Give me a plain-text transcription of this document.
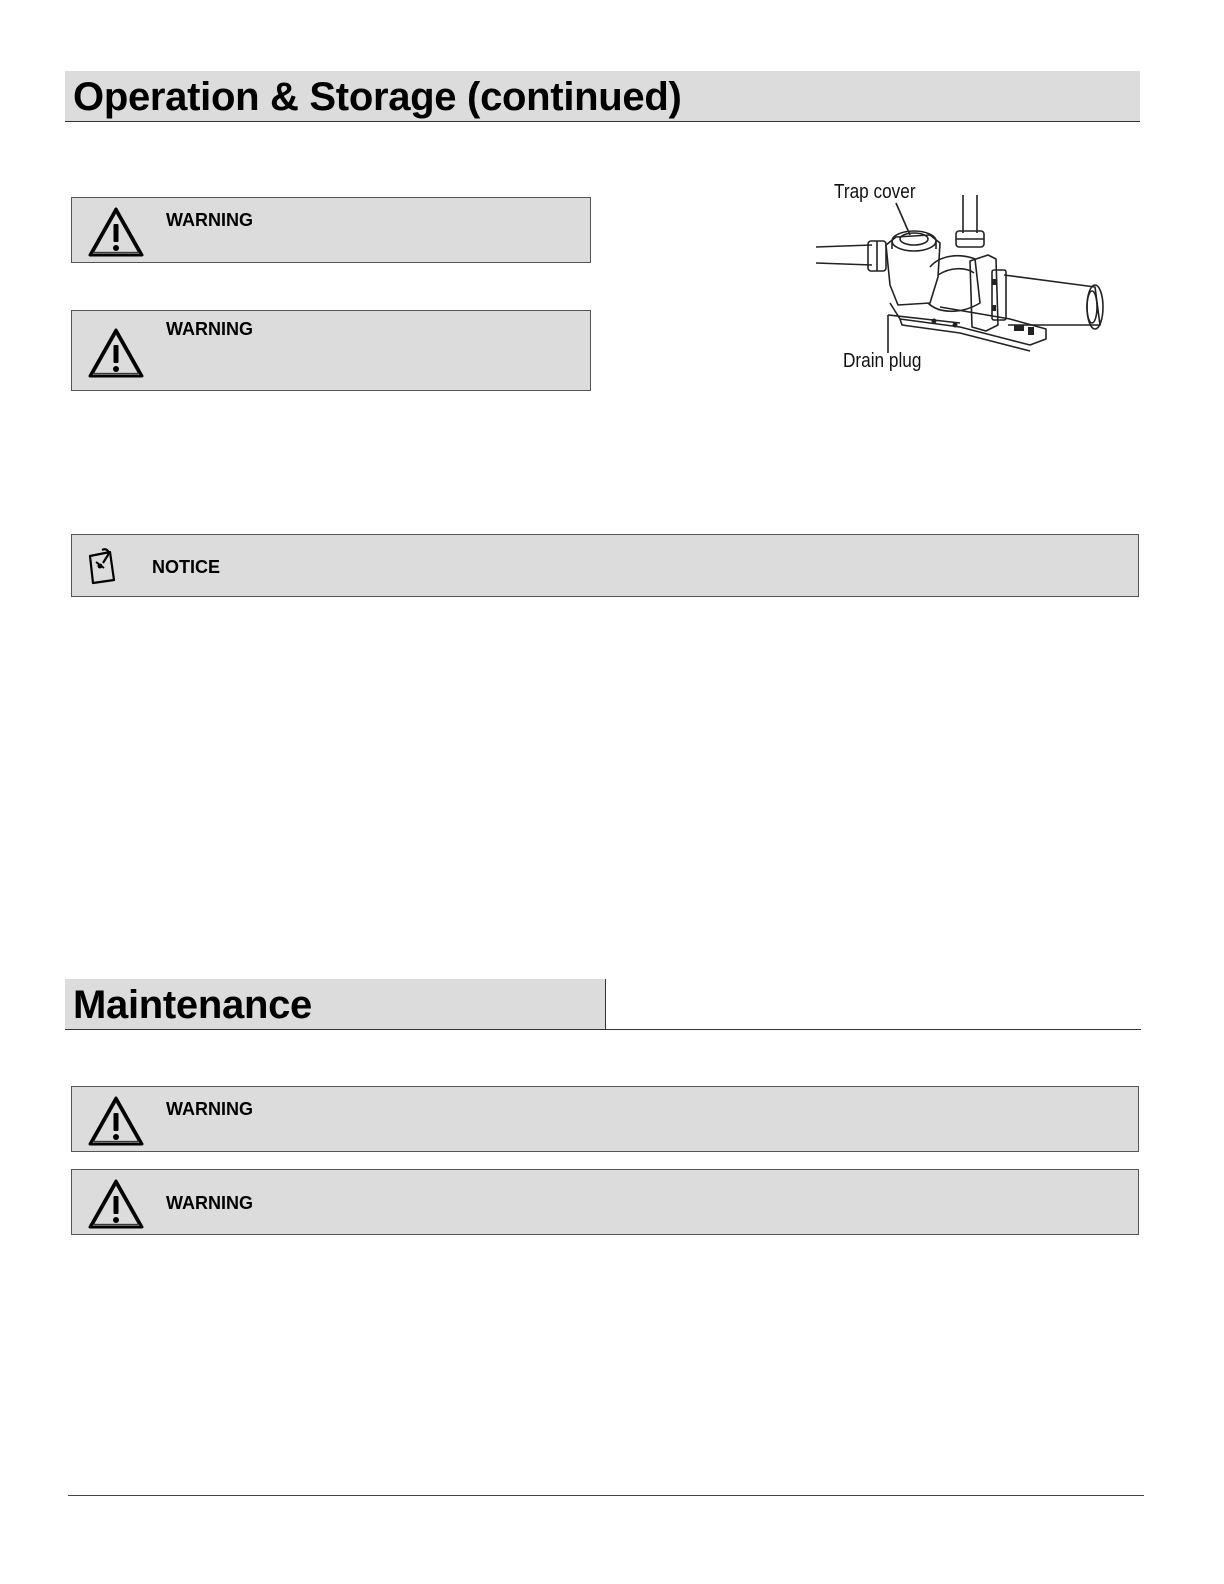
Operation & Storage (continued)
WARNING
WARNING
Trap cover
Drain plug
NOTICE
Maintenance
WARNING
WARNING
